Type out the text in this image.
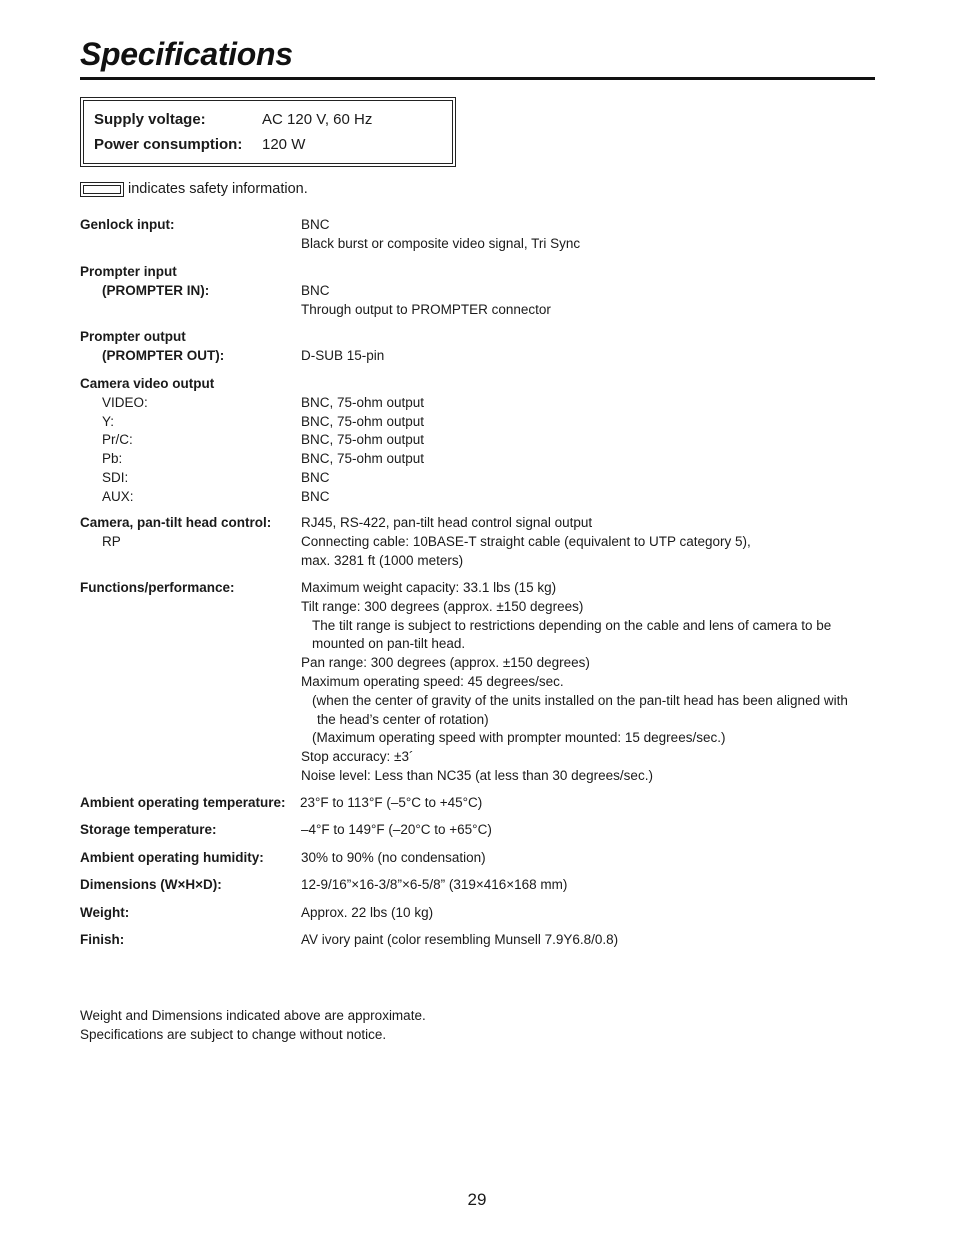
Specifications
Supply voltage:	AC 120 V, 60 Hz
Power consumption: 120 W
indicates safety information.
Genlock input:	BNC
Black burst or composite video signal, Tri Sync
Prompter input
(PROMPTER IN):	BNC
Through output to PROMPTER connector
Prompter output
(PROMPTER OUT):	D-SUB 15-pin
Camera video output
VIDEO:	BNC, 75-ohm output
Y:	BNC, 75-ohm output
Pr/C:	BNC, 75-ohm output
Pb:	BNC, 75-ohm output
SDI:	BNC
AUX:	BNC
Camera, pan-tilt head control: RJ45, RS-422, pan-tilt head control signal output
RP	Connecting cable: 10BASE-T straight cable (equivalent to UTP category 5),
max. 3281 ft (1000 meters)
Functions/performance:	Maximum weight capacity: 33.1 lbs (15 kg)
Tilt range: 300 degrees (approx. ±150 degrees)
The tilt range is subject to restrictions depending on the cable and lens of camera to be
mounted on pan-tilt head.
Pan range: 300 degrees (approx. ±150 degrees)
Maximum operating speed: 45 degrees/sec.
(when the center of gravity of the units installed on the pan-tilt head has been aligned with
the head’s center of rotation)
(Maximum operating speed with prompter mounted: 15 degrees/sec.)
Stop accuracy: ±3´
Noise level: Less than NC35 (at less than 30 degrees/sec.)
Ambient operating temperature: 23°F to 113°F (–5°C to +45°C)
Storage temperature:	–4°F to 149°F (–20°C to +65°C)
Ambient operating humidity:	30% to 90% (no condensation)
Dimensions (W×H×D):	12-9/16”×16-3/8”×6-5/8” (319×416×168 mm)
Weight:	Approx. 22 lbs (10 kg)
Finish:	AV ivory paint (color resembling Munsell 7.9Y6.8/0.8)
Weight and Dimensions indicated above are approximate.
Specifications are subject to change without notice.
29
